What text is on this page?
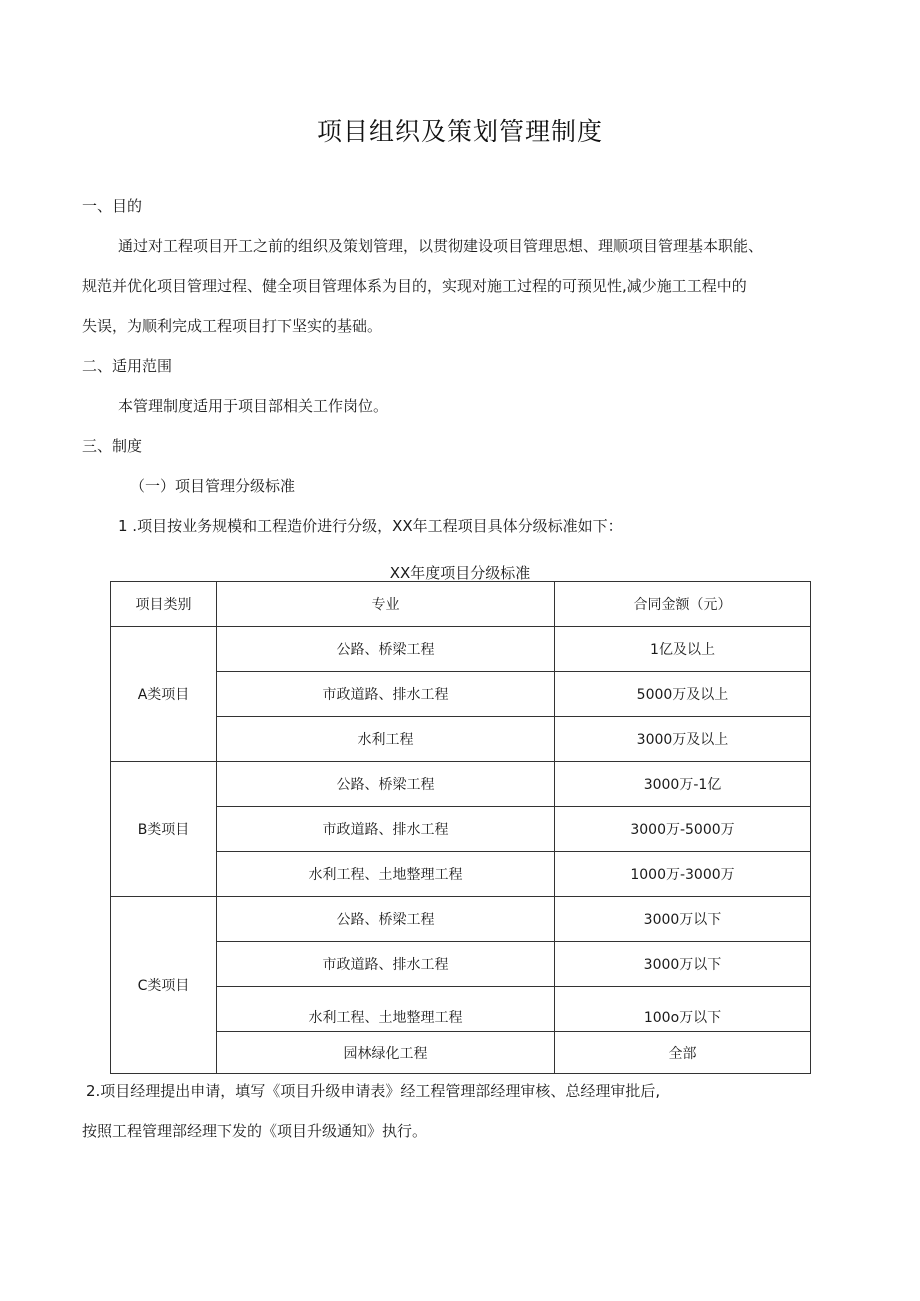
项目组织及策划管理制度
一、目的
通过对工程项目开工之前的组织及策划管理，以贯彻建设项目管理思想、理顺项目管理基本职能、
规范并优化项目管理过程、健全项目管理体系为目的，实现对施工过程的可预见性,减少施工工程中的
失误，为顺利完成工程项目打下坚实的基础。
二、适用范围
本管理制度适用于项目部相关工作岗位。
三、制度
（一）项目管理分级标准
1 .项目按业务规模和工程造价进行分级，XX年工程项目具体分级标准如下：
XX年度项目分级标准
项目类别	专业	合同金额（元）
A类项目	公路、桥梁工程	1亿及以上
	市政道路、排水工程	5000万及以上
	水利工程	3000万及以上
B类项目	公路、桥梁工程	3000万-1亿
	市政道路、排水工程	3000万-5000万
	水利工程、土地整理工程	1000万-3000万
C类项目	公路、桥梁工程	3000万以下
	市政道路、排水工程	3000万以下
	水利工程、土地整理工程	100o万以下
	园林绿化工程	全部
2.项目经理提出申请，填写《项目升级申请表》经工程管理部经理审核、总经理审批后,
按照工程管理部经理下发的《项目升级通知》执行。
